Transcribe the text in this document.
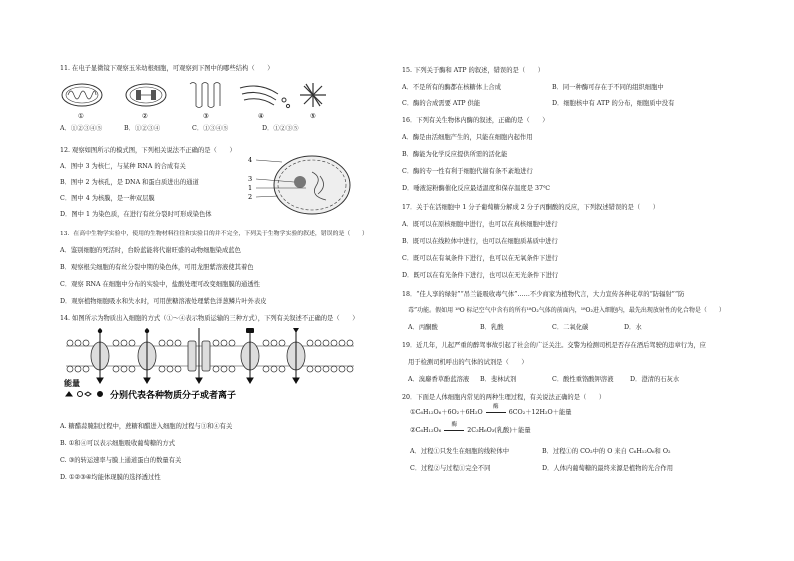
11. 在电子显微镜下观察玉米幼根细胞，可观察到下图中的哪些结构（　　）
①	②	③	④	⑤
A．①②③④⑤	B．①②③④	C．①③④⑤	D．①②③⑤
12. 观察如图所示的模式图，下列相关说法不正确的是（　　）
A．图中 3 为核仁，与某种 RNA 的合成有关
B．图中 2 为核孔，是 DNA 和蛋白质进出的通道
C．图中 4 为核膜，是一种双层膜
D．图中 1 为染色质，在进行有丝分裂时可形成染色体
4
3
1
2
13．在高中生物学实验中，使用的生物材料往往和实验目的并不完全，下列关于生物学实验的叙述，错误的是（　　）
A．鉴别细胞的死活时，台盼蓝能将代谢旺盛的动物细胞染成蓝色
B．观察根尖细胞的有丝分裂中期的染色体，可用龙胆紫溶液使其着色
C．观察 RNA 在细胞中分布的实验中，盐酸处理可改变细胞膜的通透性
D．观察植物细胞吸水和失水时，可用蔗糖溶液处理紫色洋葱鳞片叶外表皮
14. 如图所示为物质出入细胞的方式（①～④表示物质运输的三种方式），下列有关叙述不正确的是（　　）
能量
分别代表各种物质分子或者离子
A. 糖醋蒜腌制过程中，蔗糖和醋进入细胞的过程与③和④有关
B. ①和④可以表示细胞吸收葡萄糖的方式
C. ③的转运速率与膜上通道蛋白的数量有关
D. ①②③④均能体现膜的选择透过性
15. 下列关于酶和 ATP 的叙述，错误的是（　　）
A．不是所有的酶都在核糖体上合成	B．同一种酶可存在于不同的组织细胞中
C．酶的合成需要 ATP 供能	D．细胞核中有 ATP 的分布，细胞质中没有
16．下列有关生物体内酶的叙述，正确的是（　　）
A．酶是由活细胞产生的，只能在细胞内起作用
B．酶能为化学反应提供所需的活化能
C．酶的专一性有利于细胞代谢有条不紊地进行
D．唾液淀粉酶催化反应最适温度和保存温度是 37℃
17．关于在活细胞中 1 分子葡萄糖分解成 2 分子丙酮酸的反应，下列叙述错误的是（　　）
A．既可以在原核细胞中进行，也可以在真核细胞中进行
B．既可以在线粒体中进行，也可以在细胞质基质中进行
C．既可以在有氧条件下进行，也可以在无氧条件下进行
D．既可以在有光条件下进行，也可以在无光条件下进行
18．“佳人享的绿射”“吊兰能吸收毒气体”……不少商家为植物代言，大力宣传各种花草的“防辐射”“防
毒”功能。假如用 ¹⁸O 标记空气中含有的所有¹⁸O₂气体的前面内，¹⁸O₂进入细胞内，最先出现放射性的化合物是（　　）
A．丙酮酸	B．乳酸	C．二氧化碳	D．水
19．近几年，儿起严重的醉驾事故引起了社会的广泛关注。交警为检测司机是否存在酒后驾驶的违章行为，应
用于检测司机呼出的气体的试剂是（　　）
A．溴麝香草酚蓝溶液	B．斐林试剂	C．酸性重铬酸钾溶液	D．澄清的石灰水
20．下面是人体细胞内常见的两种生理过程，有关说法正确的是（　　）
①C₆H₁₂O₆＋6O₂＋6H₂O
酶
6CO₂＋12H₂O＋能量
②C₆H₁₂O₆
酶
2C₃H₆O₃(乳酸)＋能量
A．过程①只发生在细胞的线粒体中	B．过程①的 CO₂中的 O 来自 C₆H₁₂O₆和 O₂
C．过程②与过程①完全不同	D．人体内葡萄糖的最终来源是植物的光合作用
